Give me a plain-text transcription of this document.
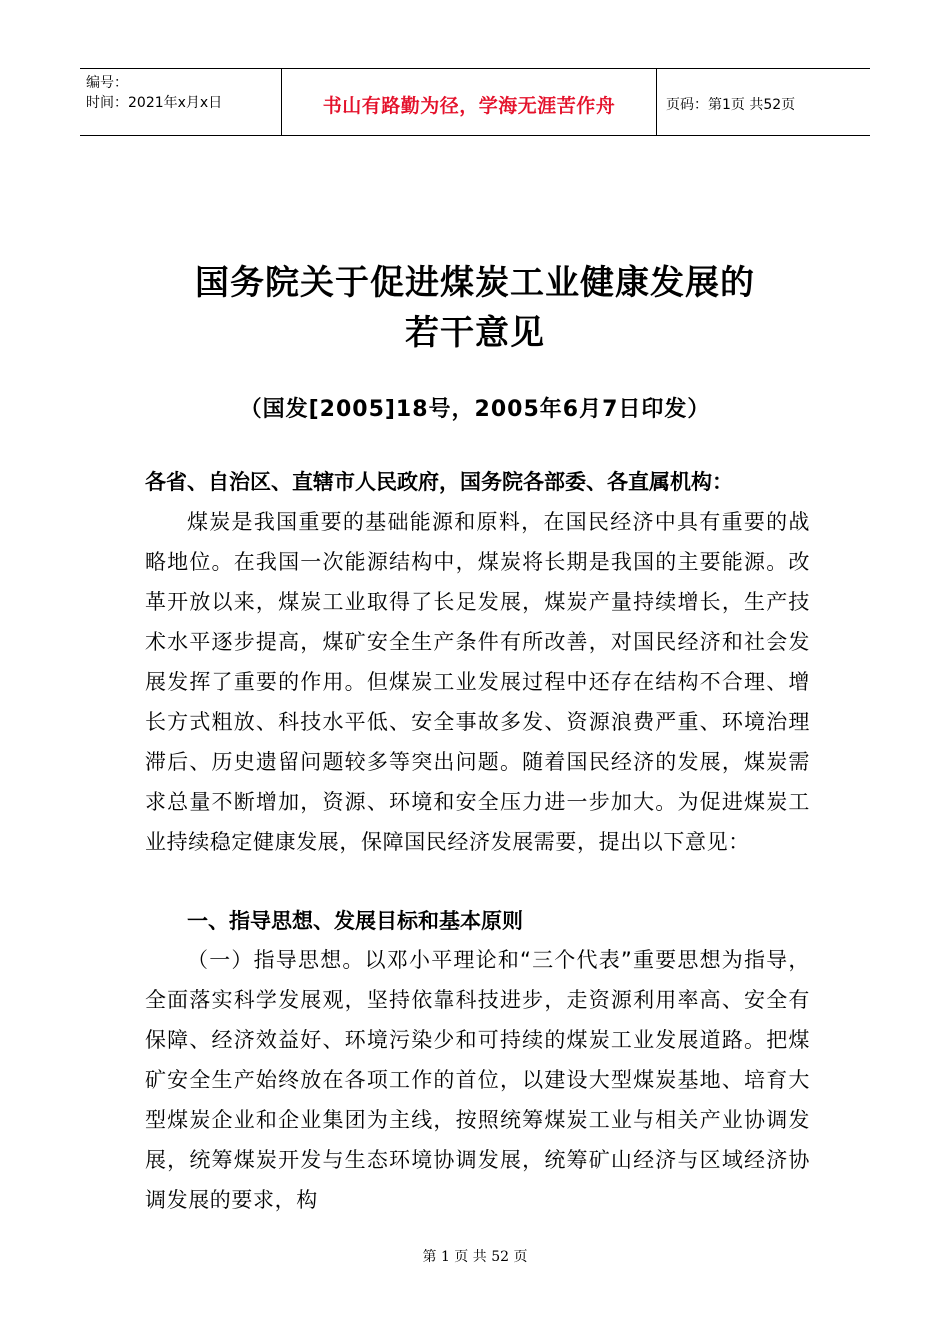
编号：
时间：2021年x月x日	书山有路勤为径，学海无涯苦作舟	页码：第1页 共52页
国务院关于促进煤炭工业健康发展的
若干意见
（国发[2005]18号，2005年6月7日印发）
各省、自治区、直辖市人民政府，国务院各部委、各直属机构：
煤炭是我国重要的基础能源和原料，在国民经济中具有重要的战略地位。在我国一次能源结构中，煤炭将长期是我国的主要能源。改革开放以来，煤炭工业取得了长足发展，煤炭产量持续增长，生产技术水平逐步提高，煤矿安全生产条件有所改善，对国民经济和社会发展发挥了重要的作用。但煤炭工业发展过程中还存在结构不合理、增长方式粗放、科技水平低、安全事故多发、资源浪费严重、环境治理滞后、历史遗留问题较多等突出问题。随着国民经济的发展，煤炭需求总量不断增加，资源、环境和安全压力进一步加大。为促进煤炭工业持续稳定健康发展，保障国民经济发展需要，提出以下意见：
一、指导思想、发展目标和基本原则
（一）指导思想。以邓小平理论和“三个代表”重要思想为指导，全面落实科学发展观，坚持依靠科技进步，走资源利用率高、安全有保障、经济效益好、环境污染少和可持续的煤炭工业发展道路。把煤矿安全生产始终放在各项工作的首位，以建设大型煤炭基地、培育大型煤炭企业和企业集团为主线，按照统筹煤炭工业与相关产业协调发展，统筹煤炭开发与生态环境协调发展，统筹矿山经济与区域经济协调发展的要求，构
第 1 页 共 52 页
